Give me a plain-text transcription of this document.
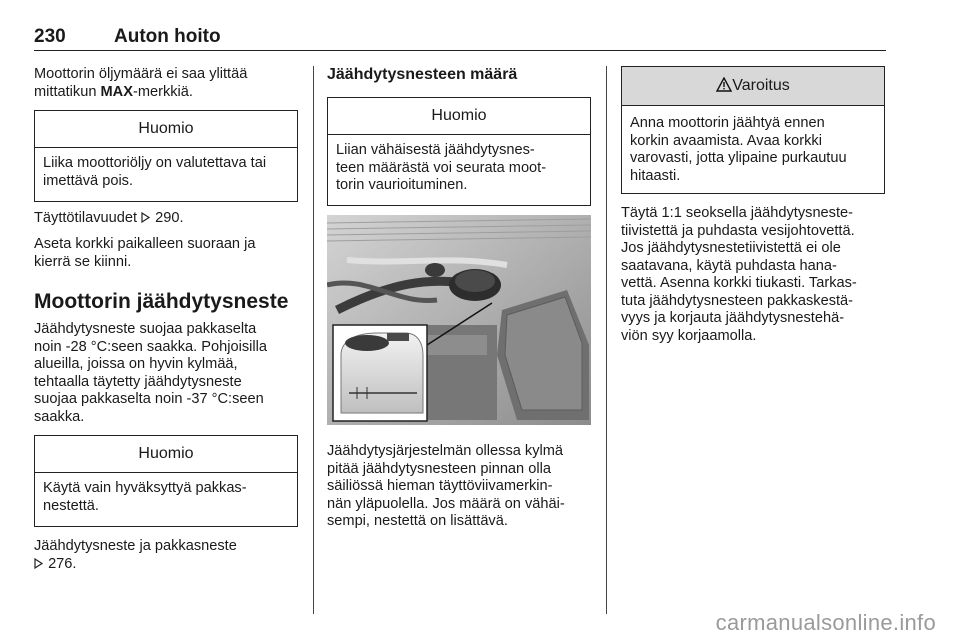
230	Auton hoito

Moottorin öljymäärä ei saa ylittää

mittatikun MAX-merkkiä.

Huomio
Liika moottoriöljy on valutettava tai
imettävä pois.

Täyttötilavuudet  290.

Aseta korkki paikalleen suoraan ja

kierrä se kiinni.

Moottorin jäähdytysneste

Jäähdytysneste suojaa pakkaselta

noin -28 °C:seen saakka. Pohjoisilla

alueilla, joissa on hyvin kylmää,

tehtaalla täytetty jäähdytysneste

suojaa pakkaselta noin -37 °C:seen

saakka.

Huomio
Käytä vain hyväksyttyä pakkas-
nestettä.

Jäähdytysneste ja pakkasneste

276.

Jäähdytysnesteen määrä
Huomio
Liian vähäisestä jäähdytysnes-
teen määrästä voi seurata moot-
torin vaurioituminen.

Jäähdytysjärjestelmän ollessa kylmä

pitää jäähdytysnesteen pinnan olla

säiliössä hieman täyttöviivamerkin-

nän yläpuolella. Jos määrä on vähäi-

sempi, nestettä on lisättävä.

Varoitus
Anna moottorin jäähtyä ennen
korkin avaamista. Avaa korkki
varovasti, jotta ylipaine purkautuu
hitaasti.

Täytä 1:1 seoksella jäähdytysneste-

tiivistettä ja puhdasta vesijohtovettä.

Jos jäähdytysnestetiivistettä ei ole

saatavana, käytä puhdasta hana-

vettä. Asenna korkki tiukasti. Tarkas-

tuta jäähdytysnesteen pakkaskestä-

vyys ja korjauta jäähdytysnestehä-

viön syy korjaamolla.

carmanualsonline.info
